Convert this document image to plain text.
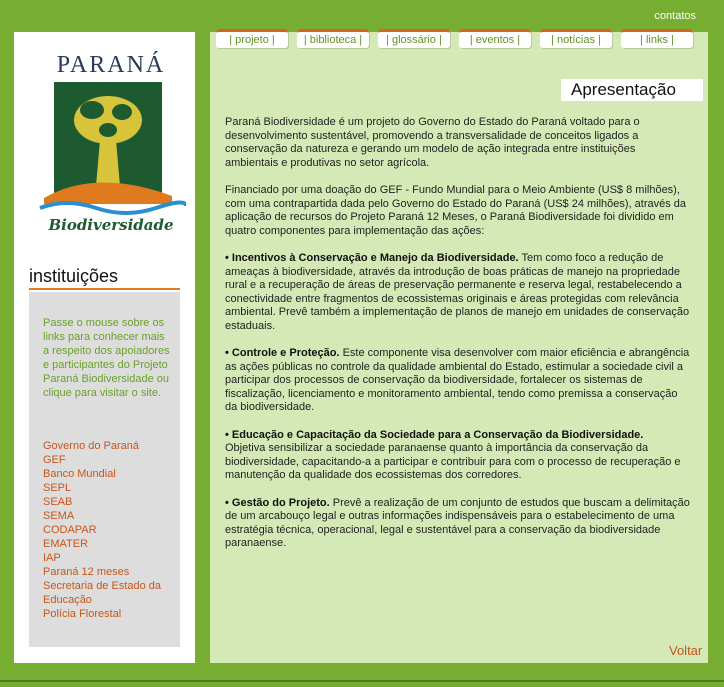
contatos
PARANÁ
Biodiversidade
instituições
Passe o mouse sobre os links para conhecer mais a respeito dos apoiadores e participantes do Projeto Paraná Biodiversidade ou clique para visitar o site.
Governo do Paraná
GEF
Banco Mundial
SEPL
SEAB
SEMA
CODAPAR
EMATER
IAP
Paraná 12 meses
Secretaria de Estado da Educação
Polícia Florestal
| projeto |	| biblioteca |	| glossário |	| eventos |	| notícias |	| links |
Apresentação

Paraná Biodiversidade é um projeto do Governo do Estado do Paraná voltado para o desenvolvimento sustentável, promovendo a transversalidade de conceitos ligados a conservação da natureza e gerando um modelo de ação integrada entre instituições ambientais e produtivas no setor agrícola.

Financiado por uma doação do GEF - Fundo Mundial para o Meio Ambiente (US$ 8 milhões), com uma contrapartida dada pelo Governo do Estado do Paraná (US$ 24 milhões), através da aplicação de recursos do Projeto Paraná 12 Meses, o Paraná Biodiversidade foi dividido em quatro componentes para implementação das ações:

• Incentivos à Conservação e Manejo da Biodiversidade. Tem como foco a redução de ameaças à biodiversidade, através da introdução de boas práticas de manejo na propriedade rural e a recuperação de áreas de preservação permanente e reserva legal, restabelecendo a conectividade entre fragmentos de ecossistemas originais e áreas protegidas com relevância ambiental. Prevê também a implementação de planos de manejo em unidades de conservação estaduais.

• Controle e Proteção. Este componente visa desenvolver com maior eficiência e abrangência as ações públicas no controle da qualidade ambiental do Estado, estimular a sociedade civil a participar dos processos de conservação da biodiversidade, fortalecer os sistemas de fiscalização, licenciamento e monitoramento ambiental, tendo como premissa a conservação da biodiversidade.

• Educação e Capacitação da Sociedade para a Conservação da Biodiversidade.
Objetiva sensibilizar a sociedade paranaense quanto à importância da conservação da biodiversidade, capacitando-a a participar e contribuir para com o processo de recuperação e manutenção da qualidade dos ecossistemas dos corredores.

• Gestão do Projeto. Prevê a realização de um conjunto de estudos que buscam a delimitação de um arcabouço legal e outras informações indispensáveis para o estabelecimento de uma estratégia técnica, operacional, legal e sustentável para a conservação da biodiversidade paranaense.

Voltar
